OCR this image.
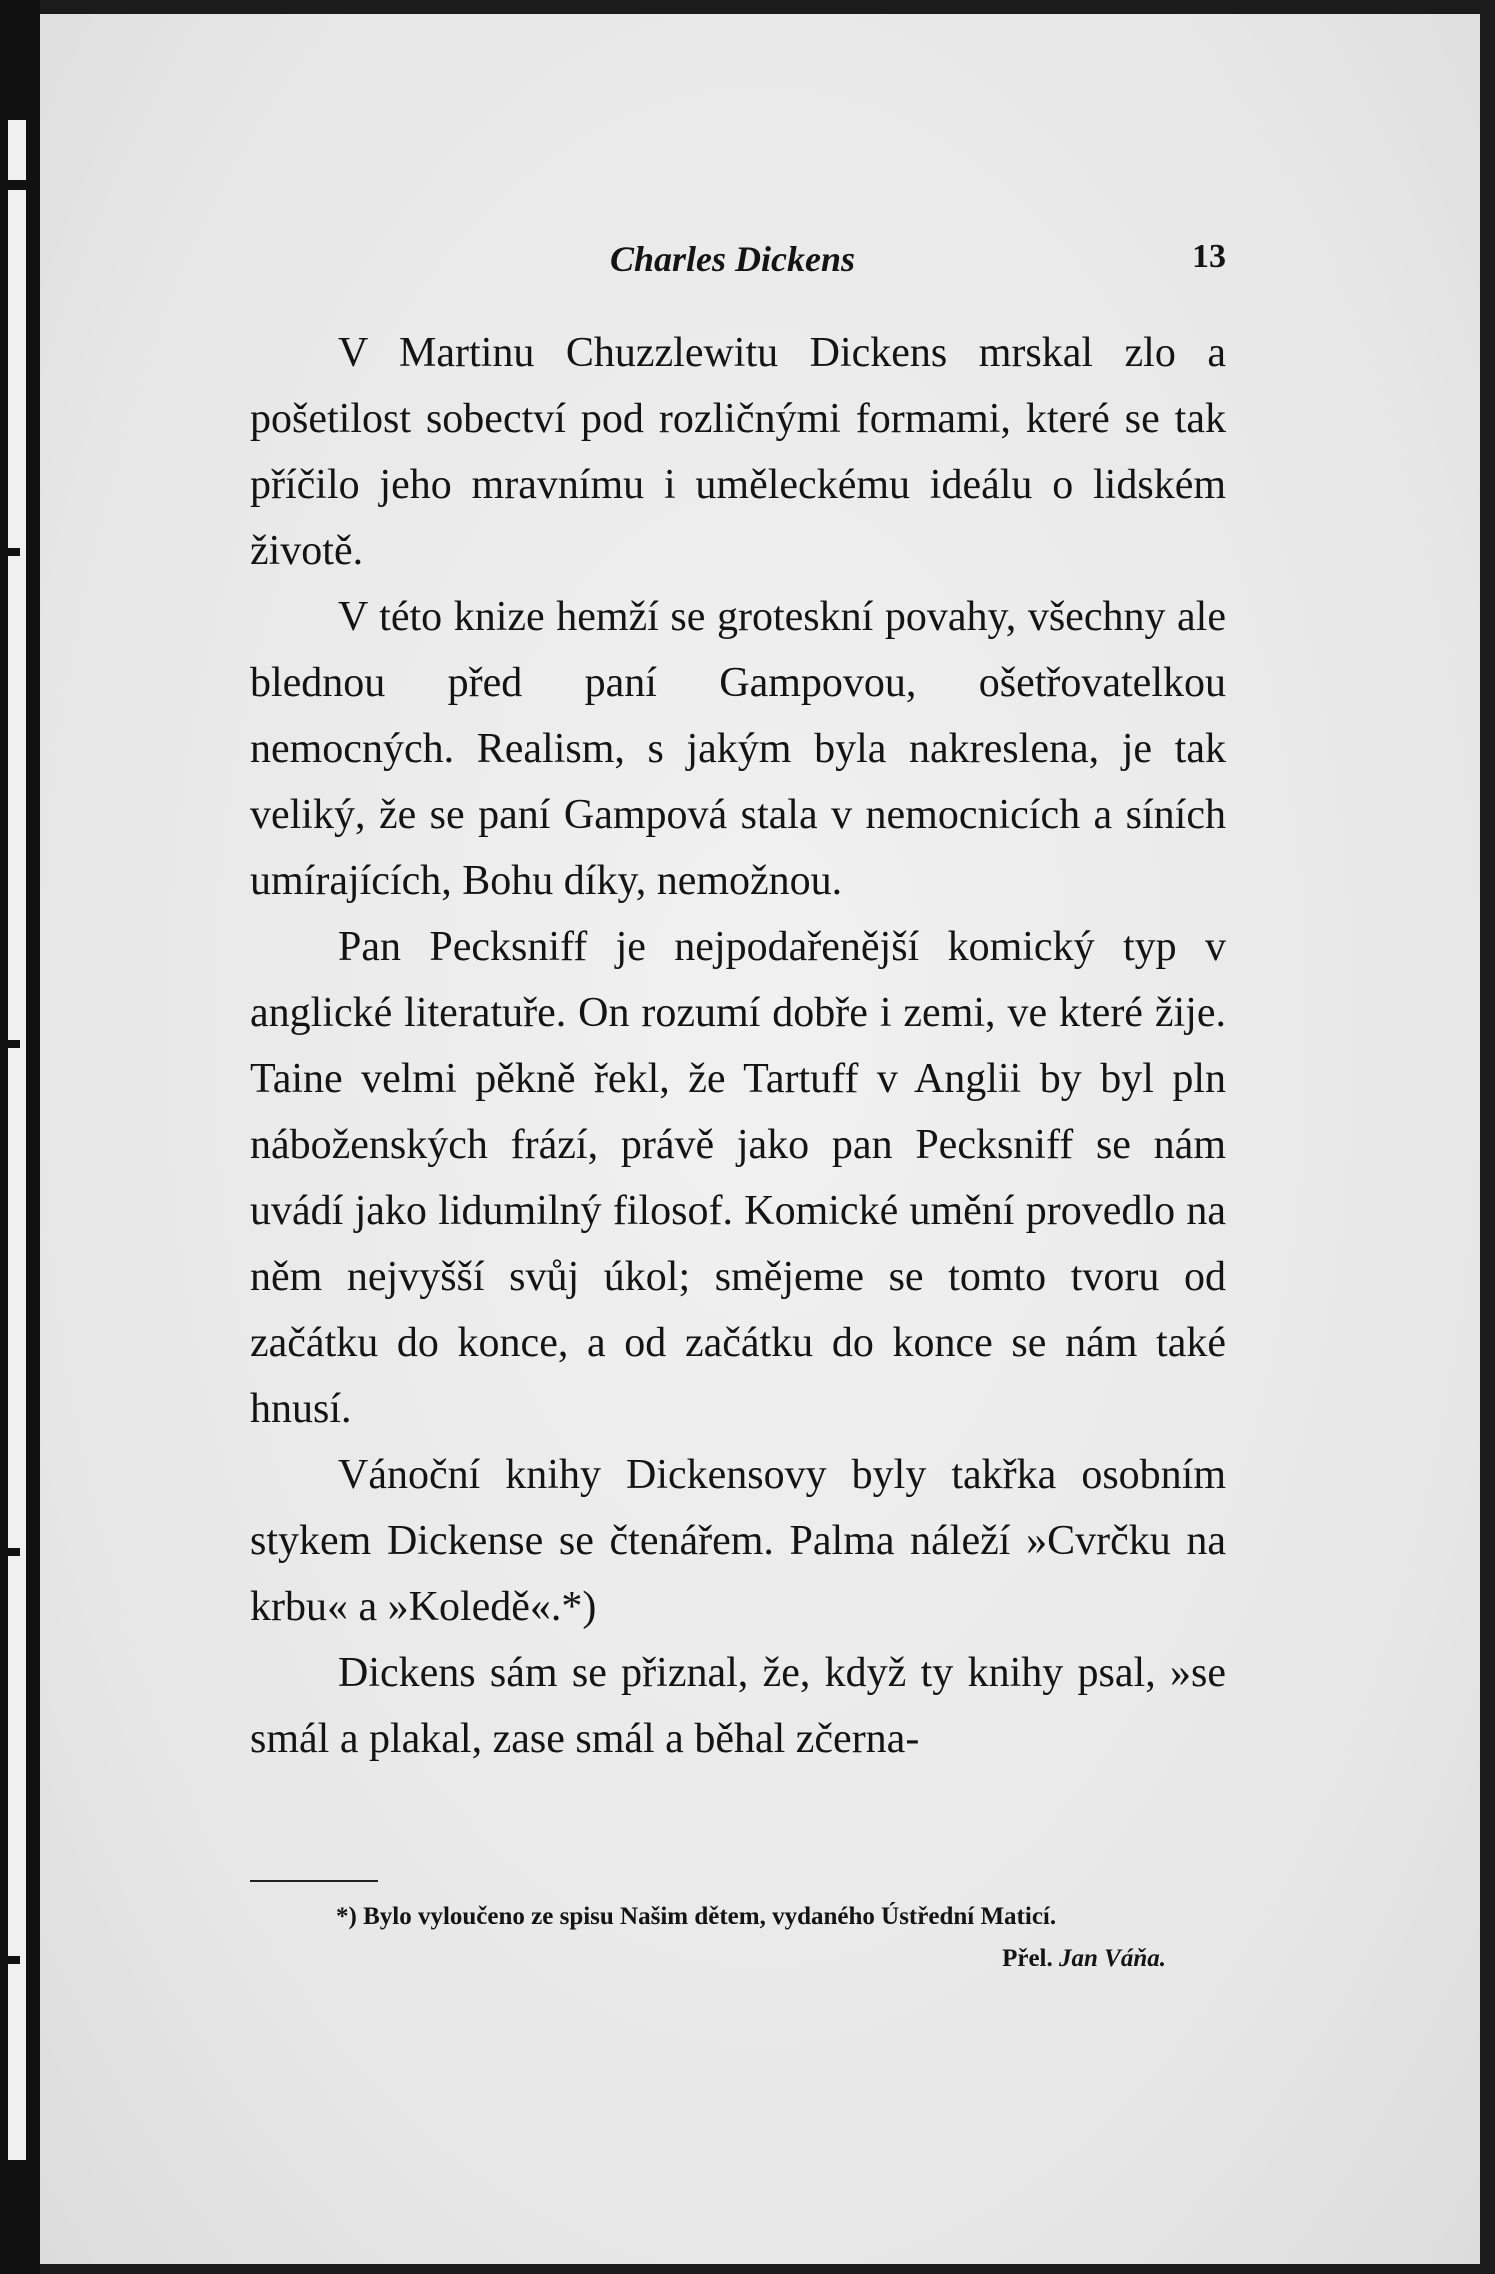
Charles Dickens	13

V Martinu Chuzzlewitu Dickens mrskal zlo a pošetilost sobectví pod rozličnými formami, které se tak příčilo jeho mravnímu i uměleckému ideálu o lidském životě.

V této knize hemží se groteskní povahy, všechny ale blednou před paní Gampovou, ošetřovatelkou nemocných. Realism, s jakým byla nakreslena, je tak veliký, že se paní Gampová stala v nemocnicích a síních umírajících, Bohu díky, nemožnou.

Pan Pecksniff je nejpodařenější komický typ v anglické literatuře. On rozumí dobře i zemi, ve které žije. Taine velmi pěkně řekl, že Tartuff v Anglii by byl pln náboženských frází, právě jako pan Pecksniff se nám uvádí jako lidumilný filosof. Komické umění provedlo na něm nejvyšší svůj úkol; smějeme se tomto tvoru od začátku do konce, a od začátku do konce se nám také hnusí.

Vánoční knihy Dickensovy byly takřka osobním stykem Dickense se čtenářem. Palma náleží »Cvrčku na krbu« a »Koledě«.*)

Dickens sám se přiznal, že, když ty knihy psal, »se smál a plakal, zase smál a běhal zčerna-

*) Bylo vyloučeno ze spisu Našim dětem, vydaného Ústřední Maticí.
Přel. Jan Váňa.
